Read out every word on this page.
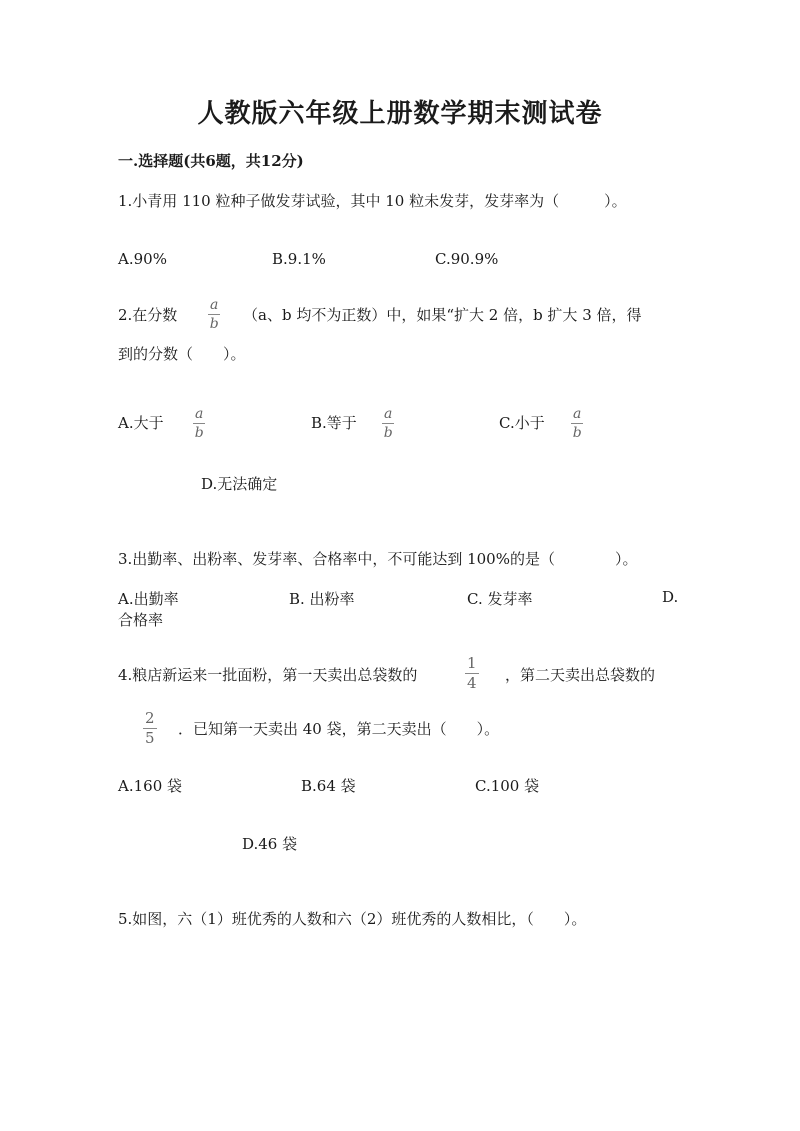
人教版六年级上册数学期末测试卷
一.选择题(共6题，共12分)
1.小青用 110 粒种子做发芽试验，其中 10 粒未发芽，发芽率为（　　　）。
A.90%	B.9.1%	C.90.9%
2.在分数 $\frac{a}{b} (a$、b 均不为正数）中，如果“扩大 2 倍，b 扩大 3 倍，得
到的分数（　　）。
A.大于 $\frac{a}{b}$	B.等于 $\frac{a}{b}$	C.小于 $\frac{a}{b}$
D.无法确定
3.出勤率、出粉率、发芽率、合格率中，不可能达到 100%的是（　　　　）。
A.出勤率	B. 出粉率	C. 发芽率	D.
合格率
4.粮店新运来一批面粉，第一天卖出总袋数的	$\frac{1}{4}$ ，第二天卖出总袋数的
$\frac{2}{5}$ ．已知第一天卖出 40 袋，第二天卖出（　　）。
A.160 袋	B.64 袋	C.100 袋
D.46 袋
5.如图，六（1）班优秀的人数和六（2）班优秀的人数相比，（　　）。
